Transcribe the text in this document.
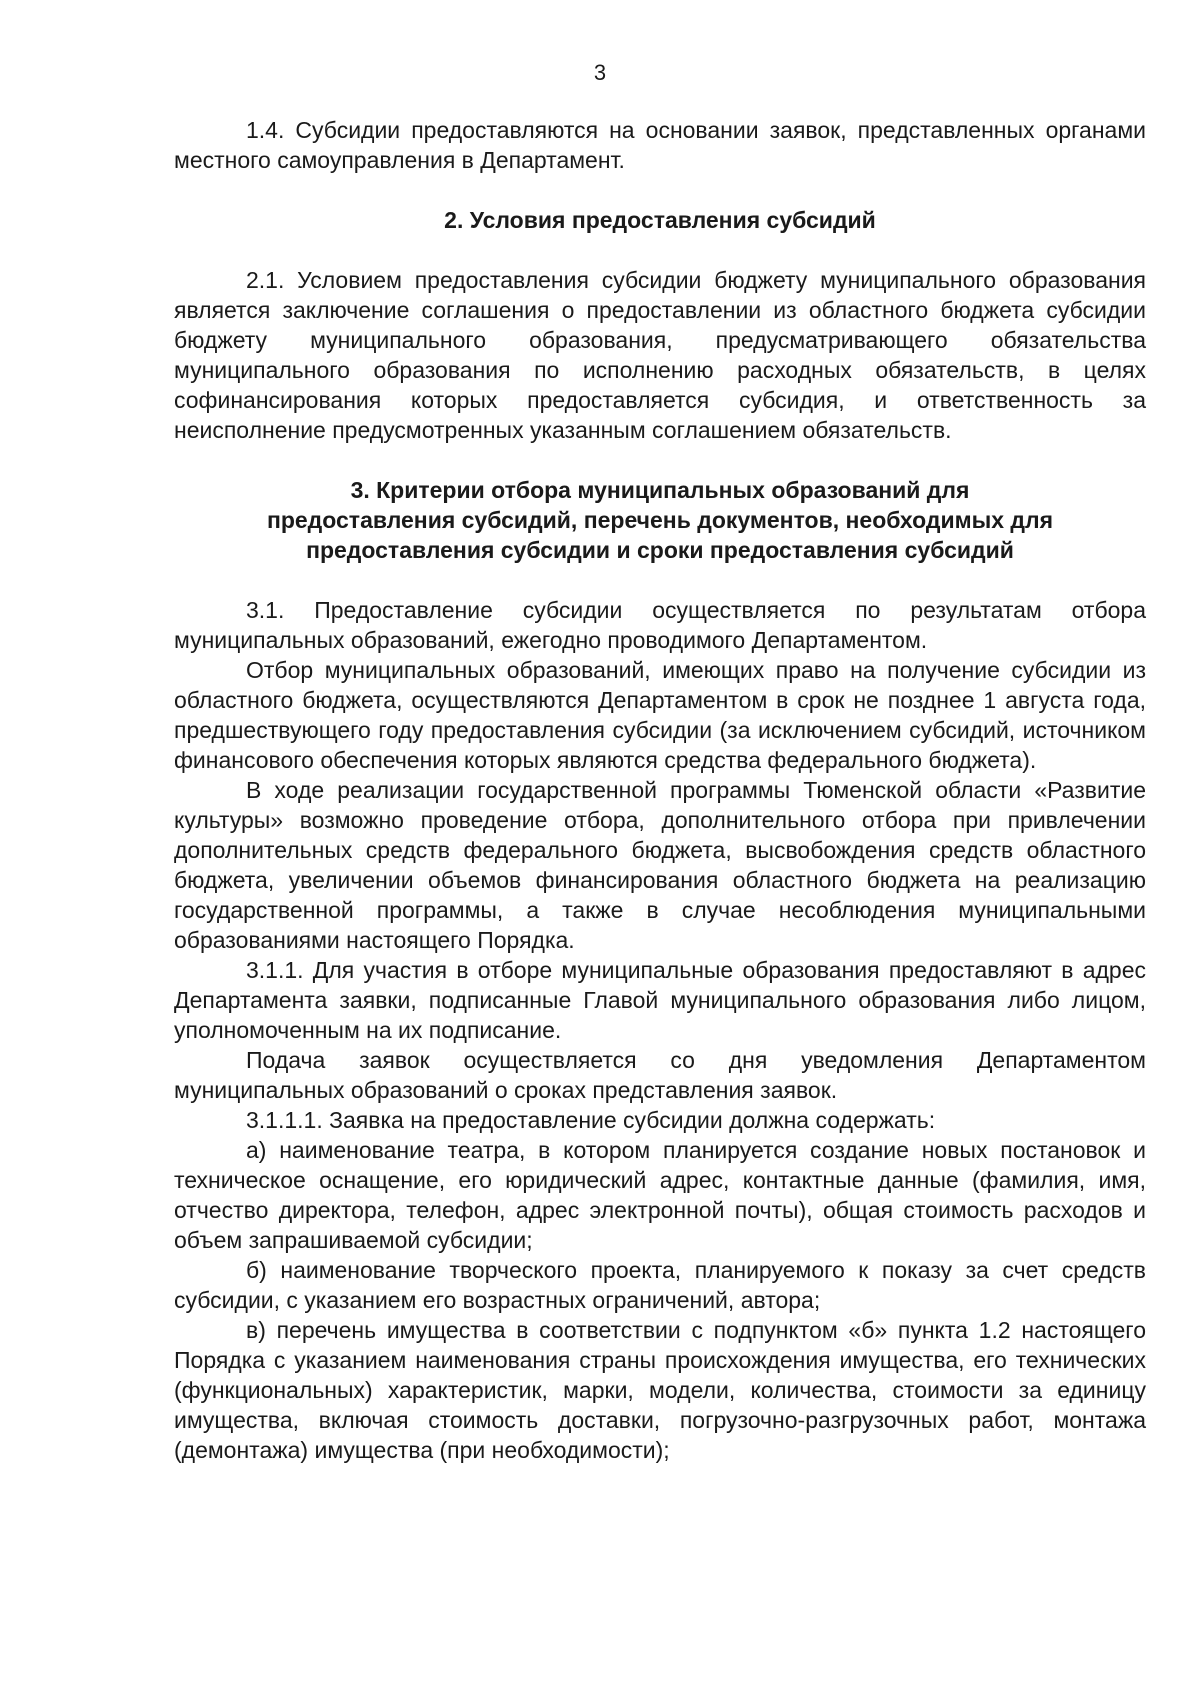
3

1.4. Субсидии предоставляются на основании заявок, представленных органами местного самоуправления в Департамент.

2. Условия предоставления субсидий

2.1. Условием предоставления субсидии бюджету муниципального образования является заключение соглашения о предоставлении из областного бюджета субсидии бюджету муниципального образования, предусматривающего обязательства муниципального образования по исполнению расходных обязательств, в целях софинансирования которых предоставляется субсидия, и ответственность за неисполнение предусмотренных указанным соглашением обязательств.

3. Критерии отбора муниципальных образований для
предоставления субсидий, перечень документов, необходимых для
предоставления субсидии и сроки предоставления субсидий

3.1. Предоставление субсидии осуществляется по результатам отбора муниципальных образований, ежегодно проводимого Департаментом.

Отбор муниципальных образований, имеющих право на получение субсидии из областного бюджета, осуществляются Департаментом в срок не позднее 1 августа года, предшествующего году предоставления субсидии (за исключением субсидий, источником финансового обеспечения которых являются средства федерального бюджета).

В ходе реализации государственной программы Тюменской области «Развитие культуры» возможно проведение отбора, дополнительного отбора при привлечении дополнительных средств федерального бюджета, высвобождения средств областного бюджета, увеличении объемов финансирования областного бюджета на реализацию государственной программы, а также в случае несоблюдения муниципальными образованиями настоящего Порядка.

3.1.1. Для участия в отборе муниципальные образования предоставляют в адрес Департамента заявки, подписанные Главой муниципального образования либо лицом, уполномоченным на их подписание.

Подача заявок осуществляется со дня уведомления Департаментом муниципальных образований о сроках представления заявок.

3.1.1.1. Заявка на предоставление субсидии должна содержать:

а) наименование театра, в котором планируется создание новых постановок и техническое оснащение, его юридический адрес, контактные данные (фамилия, имя, отчество директора, телефон, адрес электронной почты), общая стоимость расходов и объем запрашиваемой субсидии;

б) наименование творческого проекта, планируемого к показу за счет средств субсидии, с указанием его возрастных ограничений, автора;

в) перечень имущества в соответствии с подпунктом «б» пункта 1.2 настоящего Порядка с указанием наименования страны происхождения имущества, его технических (функциональных) характеристик, марки, модели, количества, стоимости за единицу имущества, включая стоимость доставки, погрузочно-разгрузочных работ, монтажа (демонтажа) имущества (при необходимости);
